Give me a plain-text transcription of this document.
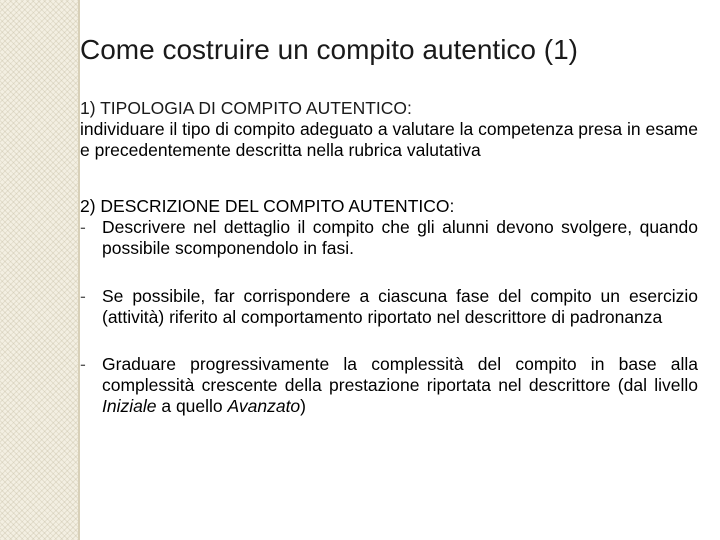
Come costruire un compito autentico (1)
1) TIPOLOGIA DI COMPITO AUTENTICO:

individuare il tipo di compito adeguato a valutare la competenza presa in esame e precedentemente descritta nella rubrica valutativa

2) DESCRIZIONE DEL COMPITO AUTENTICO:
- Descrivere nel dettaglio il compito che gli alunni devono svolgere, quando possibile scomponendolo in fasi.
- Se possibile, far corrispondere a ciascuna fase del compito un esercizio (attività) riferito al comportamento riportato nel descrittore di padronanza
- Graduare progressivamente la complessità del compito in base alla complessità crescente della prestazione riportata nel descrittore (dal livello Iniziale a quello Avanzato)
